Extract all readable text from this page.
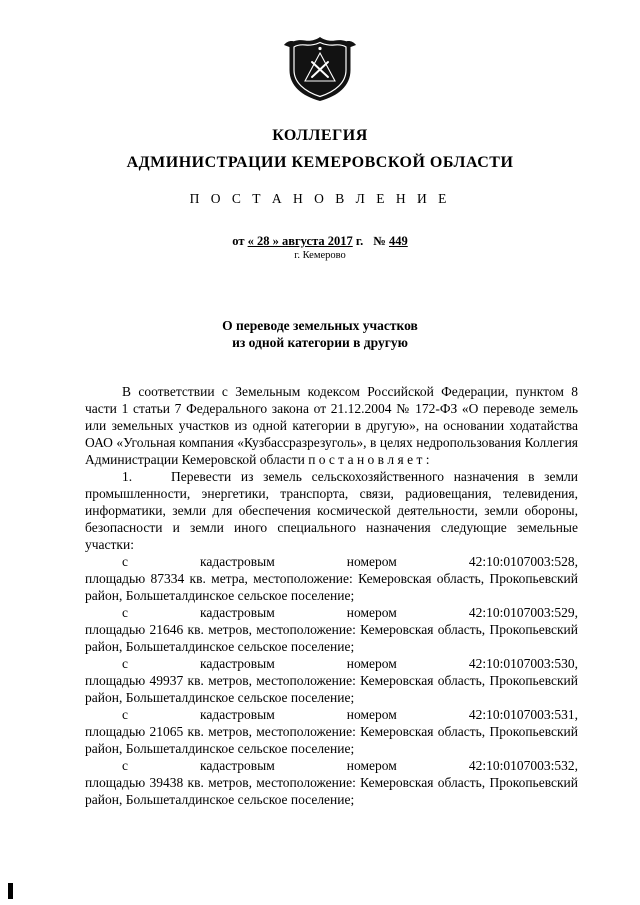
КОЛЛЕГИЯ
АДМИНИСТРАЦИИ КЕМЕРОВСКОЙ ОБЛАСТИ
П О С Т А Н О В Л Е Н И Е
от « 28 » августа 2017 г. № 449
г. Кемерово
О переводе земельных участков
из одной категории в другую

В соответствии с Земельным кодексом Российской Федерации, пунктом 8 части 1 статьи 7 Федерального закона от 21.12.2004 № 172-ФЗ «О переводе земель или земельных участков из одной категории в другую», на основании ходатайства ОАО «Угольная компания «Кузбассразрезуголь», в целях недропользования Коллегия Администрации Кемеровской области п о с т а н о в л я е т :

1.    Перевести из земель сельскохозяйственного назначения в земли промышленности, энергетики, транспорта, связи, радиовещания, телевидения, информатики, земли для обеспечения космической деятельности, земли обороны, безопасности и земли иного специального назначения следующие земельные участки:

с	кадастровым	номером	42:10:0107003:528,
площадью 87334 кв. метра, местоположение: Кемеровская область, Прокопьевский район, Большеталдинское сельское поселение;
с	кадастровым	номером	42:10:0107003:529,
площадью 21646 кв. метров, местоположение: Кемеровская область, Прокопьевский район, Большеталдинское сельское поселение;
с	кадастровым	номером	42:10:0107003:530,
площадью 49937 кв. метров, местоположение: Кемеровская область, Прокопьевский район, Большеталдинское сельское поселение;
с	кадастровым	номером	42:10:0107003:531,
площадью 21065 кв. метров, местоположение: Кемеровская область, Прокопьевский район, Большеталдинское сельское поселение;
с	кадастровым	номером	42:10:0107003:532,
площадью 39438 кв. метров, местоположение: Кемеровская область, Прокопьевский район, Большеталдинское сельское поселение;
